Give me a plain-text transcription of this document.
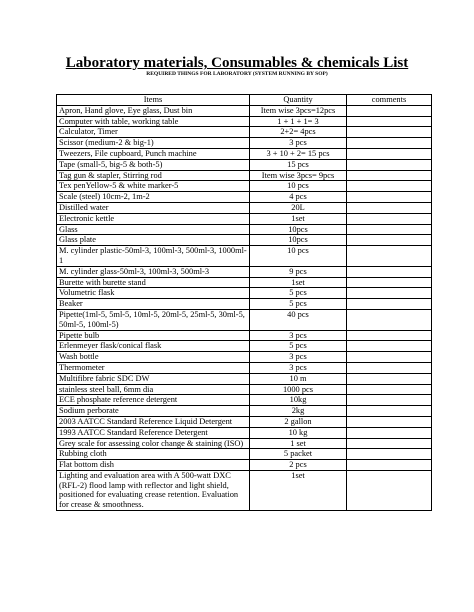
Laboratory materials, Consumables & chemicals List
REQUIRED THINGS FOR LABORATORY (SYSTEM RUNNING BY SOP)
Items	Quantity	comments
Apron, Hand glove, Eye glass, Dust bin	Item wise 3pcs=12pcs	
Computer with table, working table	1 + 1 + 1= 3	
Calculator, Timer	2+2= 4pcs	
Scissor (medium-2 & big-1)	3 pcs	
Tweezers, File cupboard, Punch machine	3 + 10 + 2= 15 pcs	
Tape (small-5, big-5 & both-5)	15 pcs	
Tag gun & stapler, Stirring rod	Item wise 3pcs= 9pcs	
Tex penYellow-5 & white marker-5	10 pcs	
Scale (steel) 10cm-2, 1m-2	4 pcs	
Distilled water	20L	
Electronic kettle	1set	
Glass	10pcs	
Glass plate	10pcs	
M. cylinder plastic-50ml-3, 100ml-3, 500ml-3, 1000ml-1	10 pcs	
M. cylinder glass-50ml-3, 100ml-3, 500ml-3	9 pcs	
Burette with burette stand	1set	
Volumetric flask	5 pcs	
Beaker	5 pcs	
Pipette(1ml-5, 5ml-5, 10ml-5, 20ml-5, 25ml-5, 30ml-5, 50ml-5, 100ml-5)	40 pcs	
Pipette bulb	3 pcs	
Erlenmeyer flask/conical flask	5 pcs	
Wash bottle	3 pcs	
Thermometer	3 pcs	
Multifibre fabric SDC DW	10 m	
stainless steel ball, 6mm dia	1000 pcs	
ECE phosphate reference detergent	10kg	
Sodium perborate	2kg	
2003 AATCC Standard Reference Liquid Detergent	2 gallon	
1993 AATCC Standard Reference Detergent	10 kg	
Grey scale for assessing color change & staining (ISO)	1 set	
Rubbing cloth	5 packet	
Flat bottom dish	2 pcs	
Lighting and evaluation area with A 500-watt DXC (RFL-2) flood lamp with reflector and light shield, positioned for evaluating crease retention. Evaluation for crease & smoothness.	1set	
